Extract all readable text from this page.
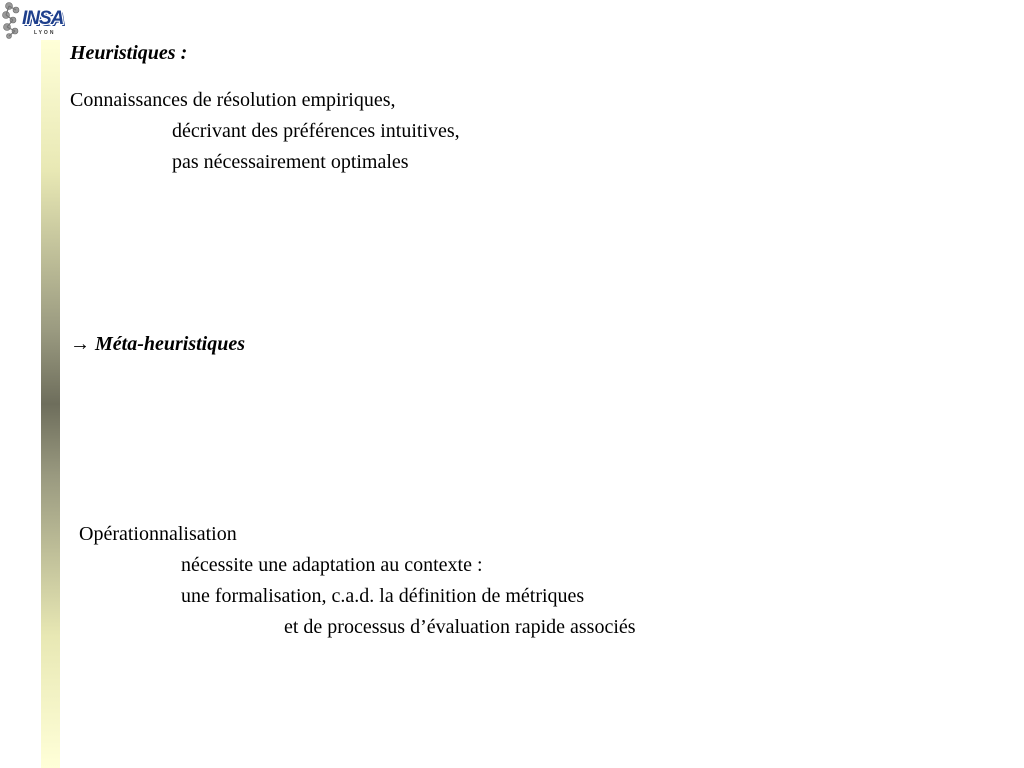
INSA
LYON
Heuristiques :
Connaissances de résolution empiriques,
décrivant des préférences intuitives,
pas nécessairement optimales
→ Méta-heuristiques
Opérationnalisation
nécessite une adaptation au contexte :
une formalisation, c.a.d. la définition de métriques
et de processus d’évaluation rapide associés
